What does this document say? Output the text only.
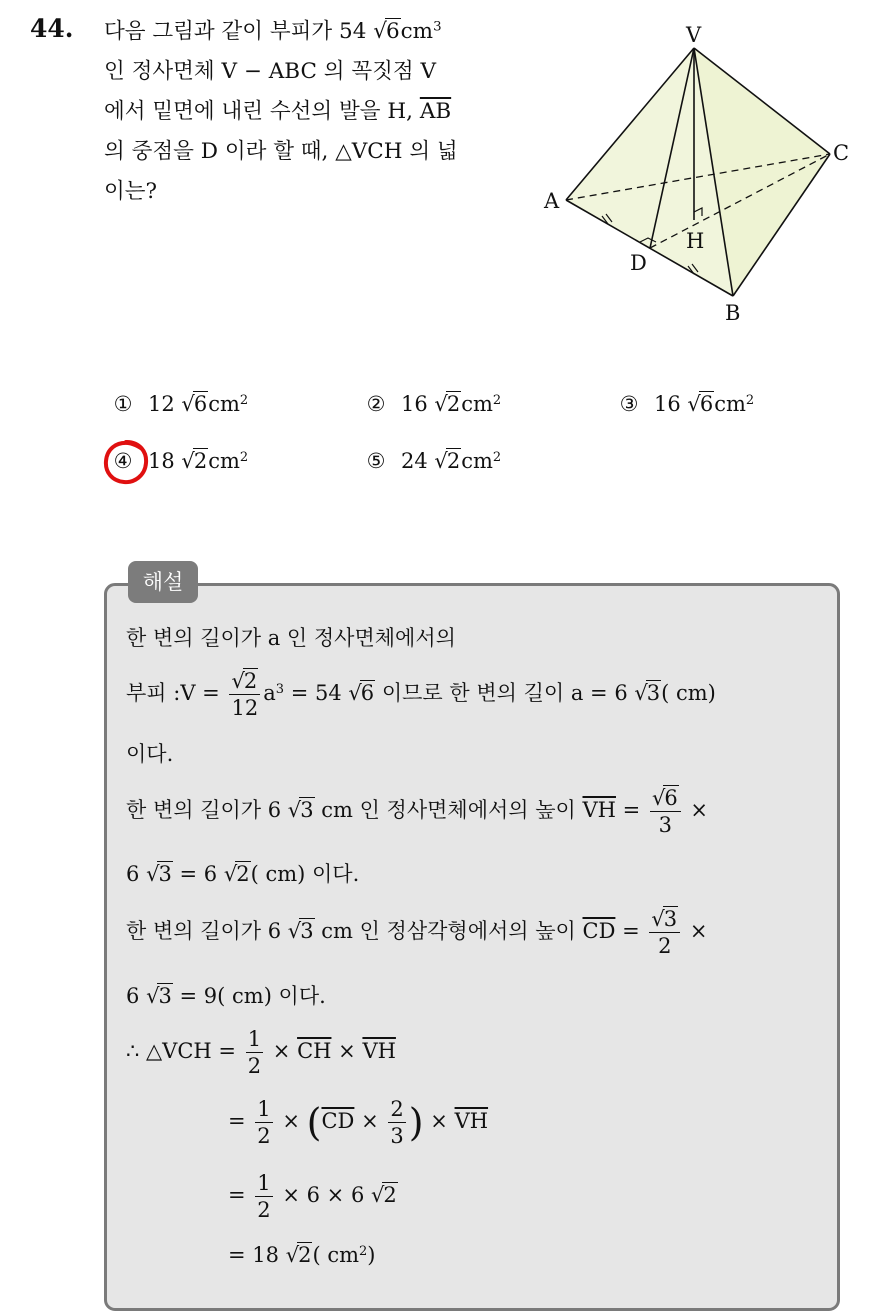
44. 다음 그림과 같이 부피가 54 $√6cm^3$
인 정사면체 V − ABC 의 꼭짓점 V
에서 밑면에 내린 수선의 발을 H, $\overline{AB}$
의 중점을 D 이라 할 때, △VCH 의 넓
이는?
V
A
B
C
D
H
① 12 $√6cm^2$	② 16 $√2cm^2$	③ 16 $√6cm^2$
④ 18 $√2cm^2$	⑤ 24 $√2cm^2$
해설
한 변의 길이가 a 인 정사면체에서의
부피 :V = $\frac{√2}{12} a^3 = 54$ √6 이므로 한 변의 길이 a = 6 √3( cm)
이다.
한 변의 길이가 6 √3 cm 인 정사면체에서의 높이 $\overline{VH} = \frac{√6}{3}$ ×
6 √3 = 6 √2( cm) 이다.
한 변의 길이가 6 √3 cm 인 정삼각형에서의 높이 $\overline{CD} = \frac{√3}{2}$ ×
6 √3 = 9( cm) 이다.
∴ △VCH = $\frac{1}{2} \times \overline{CH} \times \overline{VH}$
= $\frac{1}{2} \times (\overline{CD} \times \frac{2}{3}$ ) × $\overline{VH}$
= $\frac{1}{2} \times 6 \times 6$ √2
= 18 √2( $cm^2$)
